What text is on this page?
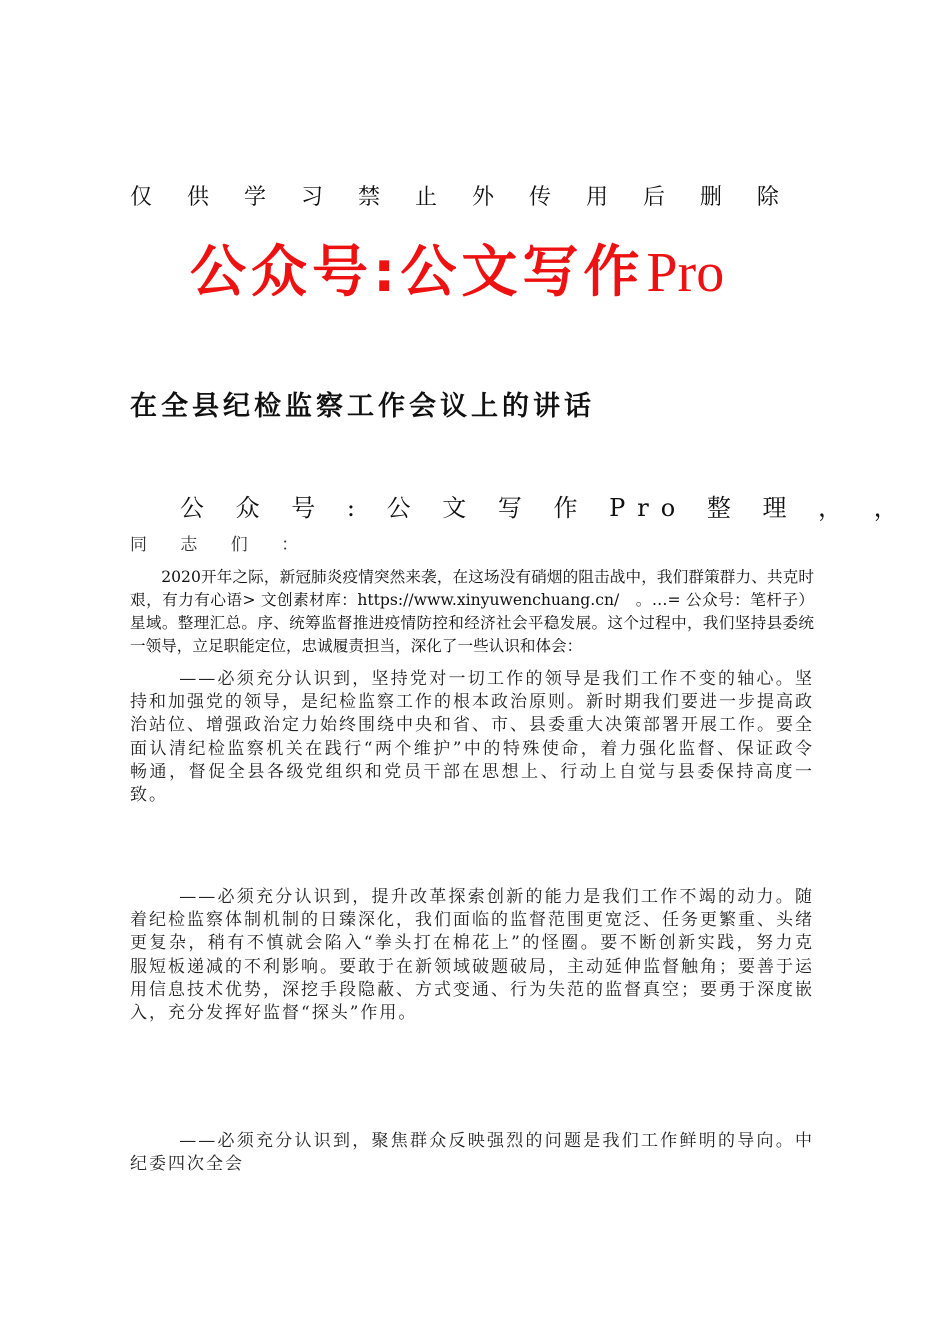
仅 供 学 习 禁 止 外 传 用 后 删 除
公众号:公文写作 Pro
在全县纪检监察工作会议上的讲话
公 众 号 : 公 文 写 作 Pro 整 理 ， ，
同 志 们 ：

2020开年之际，新冠肺炎疫情突然来袭，在这场没有硝烟的阻击战中，我们群策群力、共克时艰，有力有心语> 文创素材库：https://www.xinyuwenchuang.cn/　。…= 公众号：笔杆子）星域。整理汇总。序、统筹监督推进疫情防控和经济社会平稳发展。这个过程中，我们坚持县委统一领导，立足职能定位，忠诚履责担当，深化了一些认识和体会：

——必须充分认识到，坚持党对一切工作的领导是我们工作不变的轴心。坚持和加强党的领导，是纪检监察工作的根本政治原则。新时期我们要进一步提高政治站位、增强政治定力始终围绕中央和省、市、县委重大决策部署开展工作。要全面认清纪检监察机关在践行“两个维护”中的特殊使命，着力强化监督、保证政令畅通，督促全县各级党组织和党员干部在思想上、行动上自觉与县委保持高度一致。

——必须充分认识到，提升改革探索创新的能力是我们工作不竭的动力。随着纪检监察体制机制的日臻深化，我们面临的监督范围更宽泛、任务更繁重、头绪更复杂，稍有不慎就会陷入“拳头打在棉花上”的怪圈。要不断创新实践，努力克服短板递减的不利影响。要敢于在新领域破题破局，主动延伸监督触角；要善于运用信息技术优势，深挖手段隐蔽、方式变通、行为失范的监督真空；要勇于深度嵌入，充分发挥好监督“探头”作用。

——必须充分认识到，聚焦群众反映强烈的问题是我们工作鲜明的导向。中纪委四次全会
